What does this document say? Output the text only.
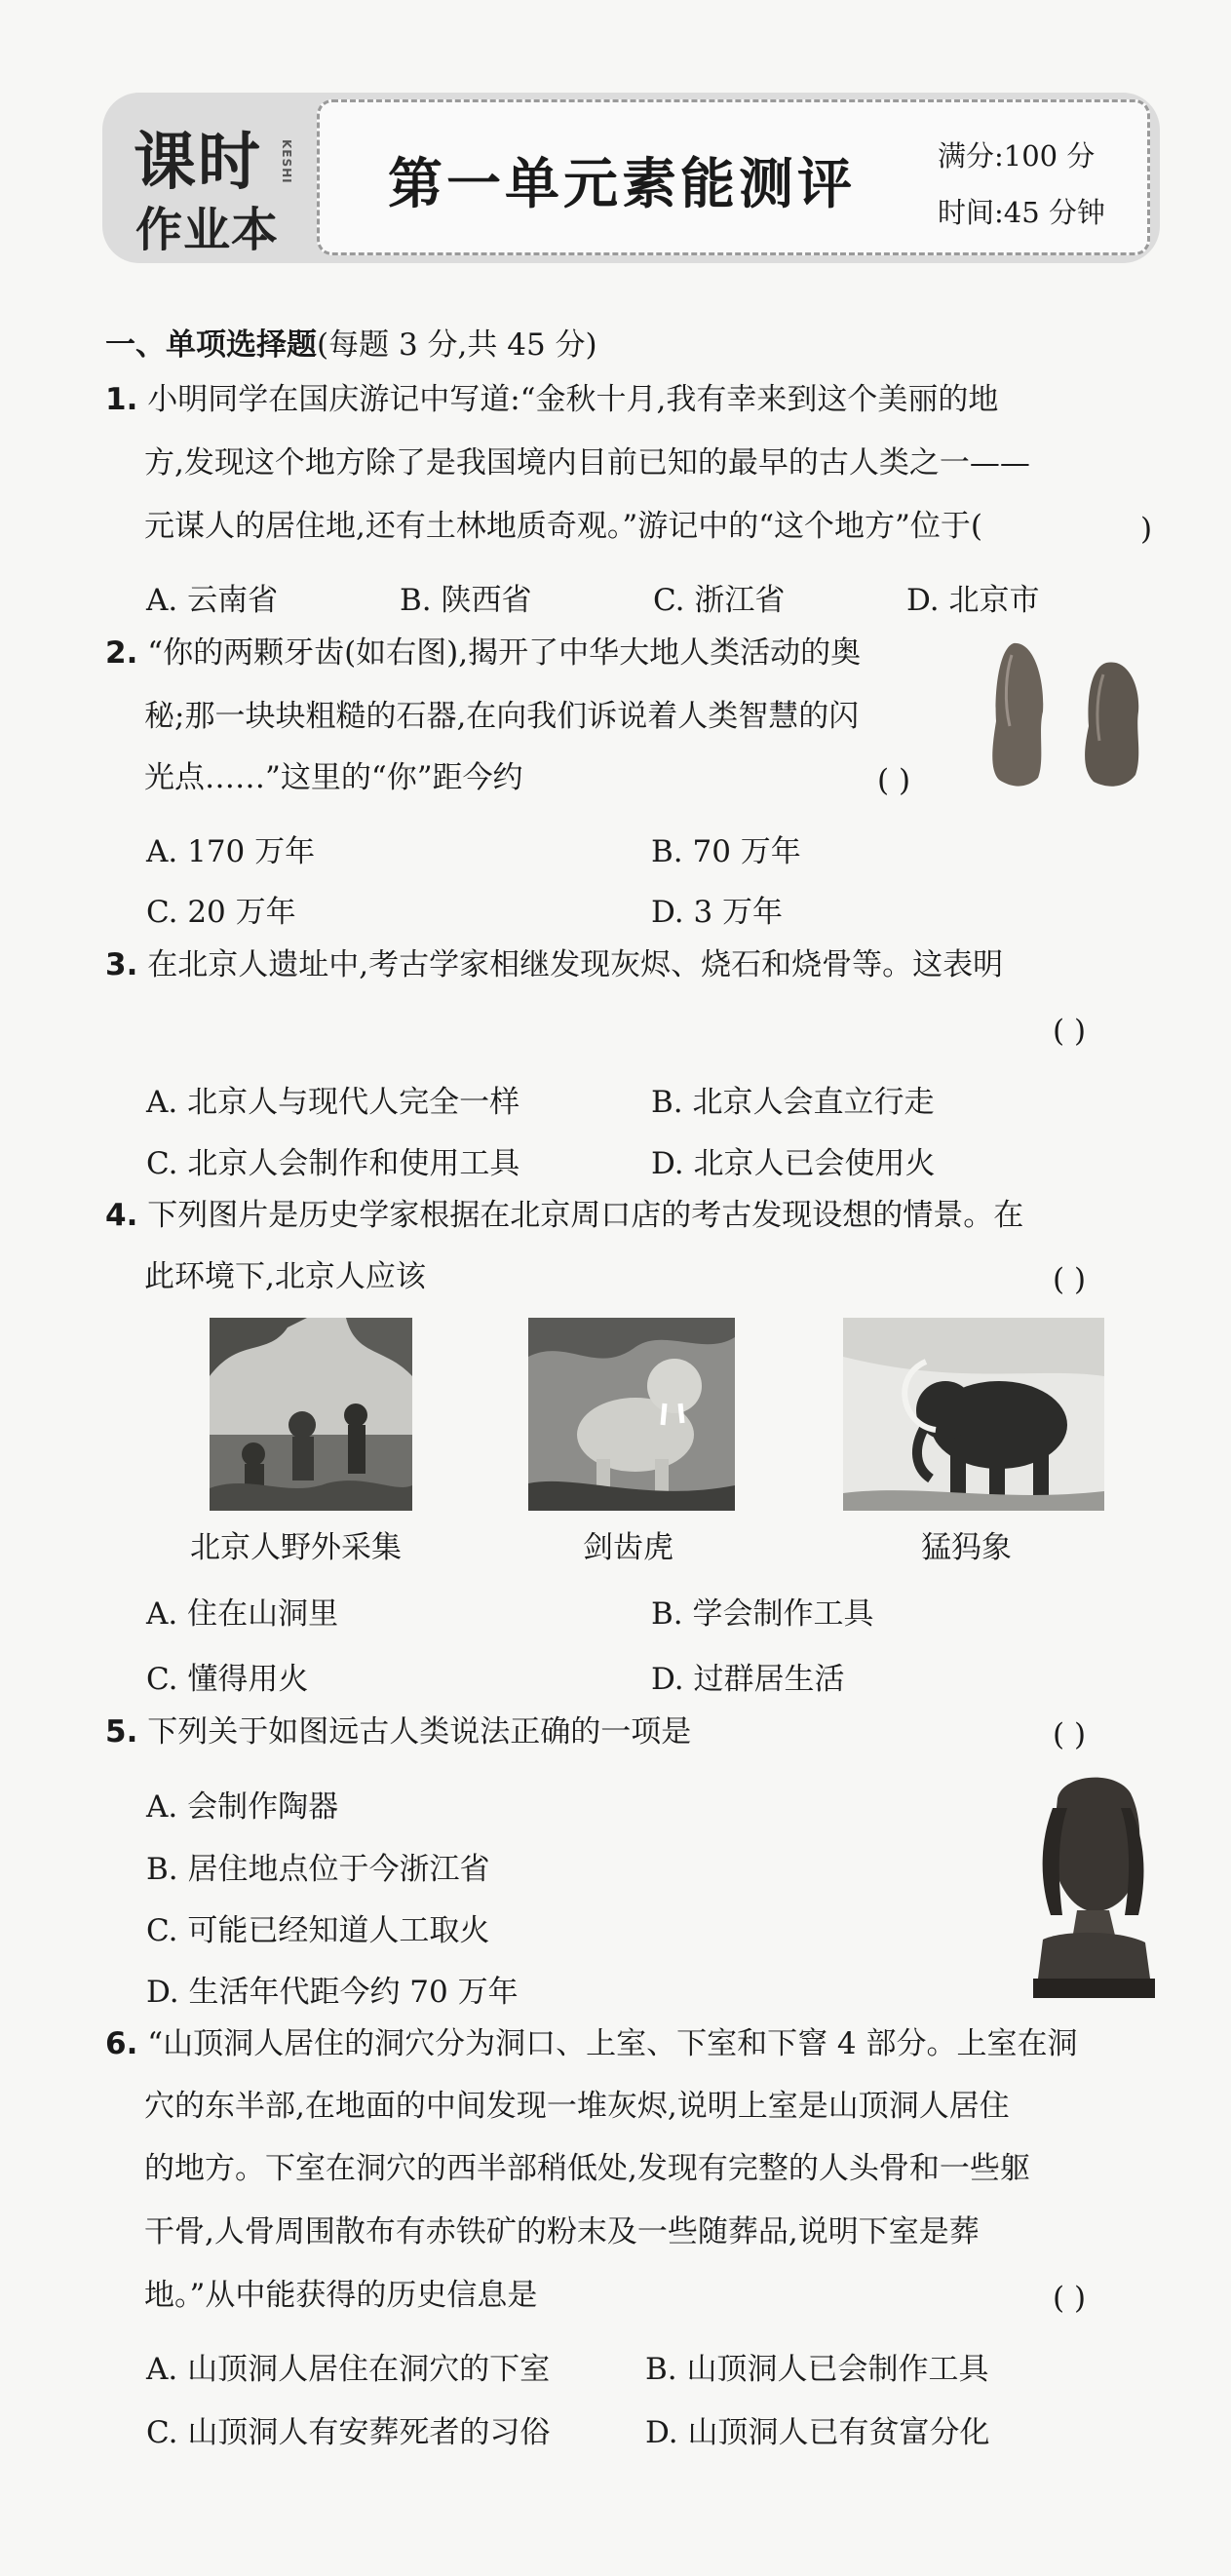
课时
作业本
KESHI 第一单元素能测评	满分:100 分
时间:45 分钟
一、单项选择题(每题 3 分,共 45 分)
1. 小明同学在国庆游记中写道:“金秋十月,我有幸来到这个美丽的地
方,发现这个地方除了是我国境内目前已知的最早的古人类之一——
元谋人的居住地,还有土林地质奇观。”游记中的“这个地方”位于(	)
A. 云南省	B. 陕西省	C. 浙江省	D. 北京市
2. “你的两颗牙齿(如右图),揭开了中华大地人类活动的奥
秘;那一块块粗糙的石器,在向我们诉说着人类智慧的闪
光点……”这里的“你”距今约	( )
A. 170 万年	B. 70 万年
C. 20 万年	D. 3 万年
3. 在北京人遗址中,考古学家相继发现灰烬、烧石和烧骨等。这表明
( )
A. 北京人与现代人完全一样	B. 北京人会直立行走
C. 北京人会制作和使用工具	D. 北京人已会使用火
4. 下列图片是历史学家根据在北京周口店的考古发现设想的情景。在
此环境下,北京人应该	( )
北京人野外采集	剑齿虎	猛犸象
A. 住在山洞里	B. 学会制作工具
C. 懂得用火	D. 过群居生活
5. 下列关于如图远古人类说法正确的一项是	( )
A. 会制作陶器
B. 居住地点位于今浙江省
C. 可能已经知道人工取火
D. 生活年代距今约 70 万年
6. “山顶洞人居住的洞穴分为洞口、上室、下室和下窨 4 部分。上室在洞
穴的东半部,在地面的中间发现一堆灰烬,说明上室是山顶洞人居住
的地方。下室在洞穴的西半部稍低处,发现有完整的人头骨和一些躯
干骨,人骨周围散布有赤铁矿的粉末及一些随葬品,说明下室是葬
地。”从中能获得的历史信息是	( )
A. 山顶洞人居住在洞穴的下室	B. 山顶洞人已会制作工具
C. 山顶洞人有安葬死者的习俗	D. 山顶洞人已有贫富分化
